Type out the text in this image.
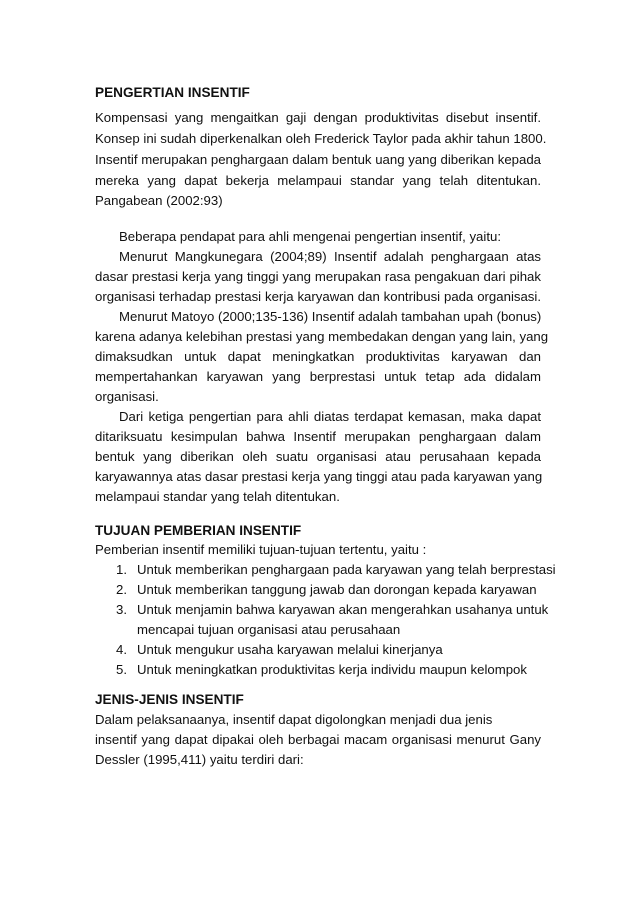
PENGERTIAN INSENTIF
Kompensasi yang mengaitkan gaji dengan produktivitas disebut insentif.
Konsep ini sudah diperkenalkan oleh Frederick Taylor pada akhir tahun 1800.
Insentif merupakan penghargaan dalam bentuk uang yang diberikan kepada
mereka yang dapat bekerja melampaui standar yang telah ditentukan.
Pangabean (2002:93)
Beberapa pendapat para ahli mengenai pengertian insentif, yaitu:
Menurut Mangkunegara (2004;89) Insentif adalah penghargaan atas
dasar prestasi kerja yang tinggi yang merupakan rasa pengakuan dari pihak
organisasi terhadap prestasi kerja karyawan dan kontribusi pada organisasi.
Menurut Matoyo (2000;135-136) Insentif adalah tambahan upah (bonus)
karena adanya kelebihan prestasi yang membedakan dengan yang lain, yang
dimaksudkan untuk dapat meningkatkan produktivitas karyawan dan
mempertahankan karyawan yang berprestasi untuk tetap ada didalam
organisasi.
Dari ketiga pengertian para ahli diatas terdapat kemasan, maka dapat
ditariksuatu kesimpulan bahwa Insentif merupakan penghargaan dalam
bentuk yang diberikan oleh suatu organisasi atau perusahaan kepada
karyawannya atas dasar prestasi kerja yang tinggi atau pada karyawan yang
melampaui standar yang telah ditentukan.
TUJUAN PEMBERIAN INSENTIF
Pemberian insentif memiliki tujuan-tujuan tertentu, yaitu :
1. Untuk memberikan penghargaan pada karyawan yang telah berprestasi
2. Untuk memberikan tanggung jawab dan dorongan kepada karyawan
3. Untuk menjamin bahwa karyawan akan mengerahkan usahanya untuk
mencapai tujuan organisasi atau perusahaan
4. Untuk mengukur usaha karyawan melalui kinerjanya
5. Untuk meningkatkan produktivitas kerja individu maupun kelompok
JENIS-JENIS INSENTIF
Dalam pelaksanaanya, insentif dapat digolongkan menjadi dua jenis
insentif yang dapat dipakai oleh berbagai macam organisasi menurut Gany
Dessler (1995,411) yaitu terdiri dari:
